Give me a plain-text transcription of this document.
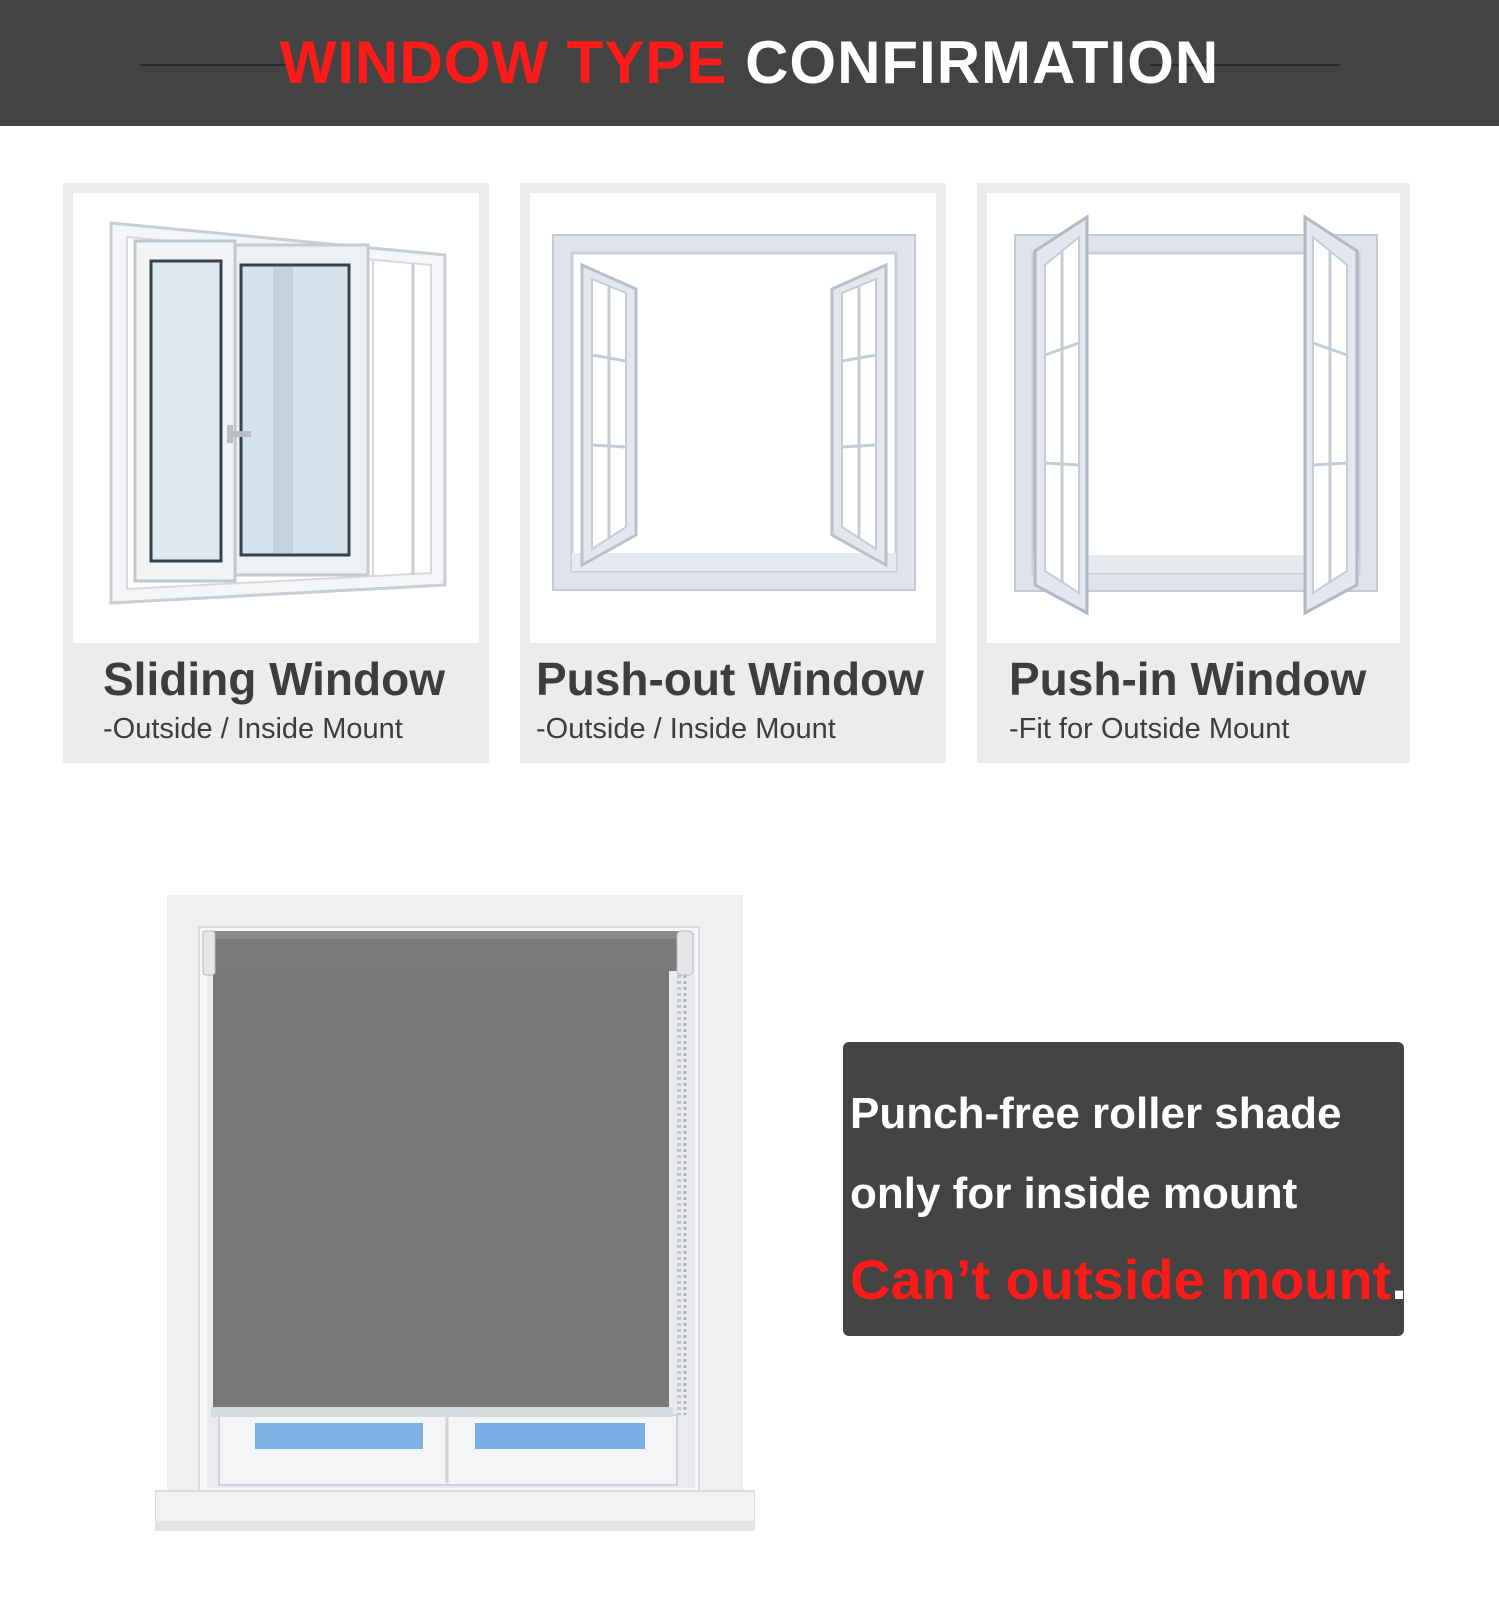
WINDOW TYPE CONFIRMATION
Sliding Window
-Outside / Inside Mount
Push-out Window
-Outside / Inside Mount
Push-in Window
-Fit for Outside Mount
Punch-free roller shade
only for inside mount
Can’t outside mount.
